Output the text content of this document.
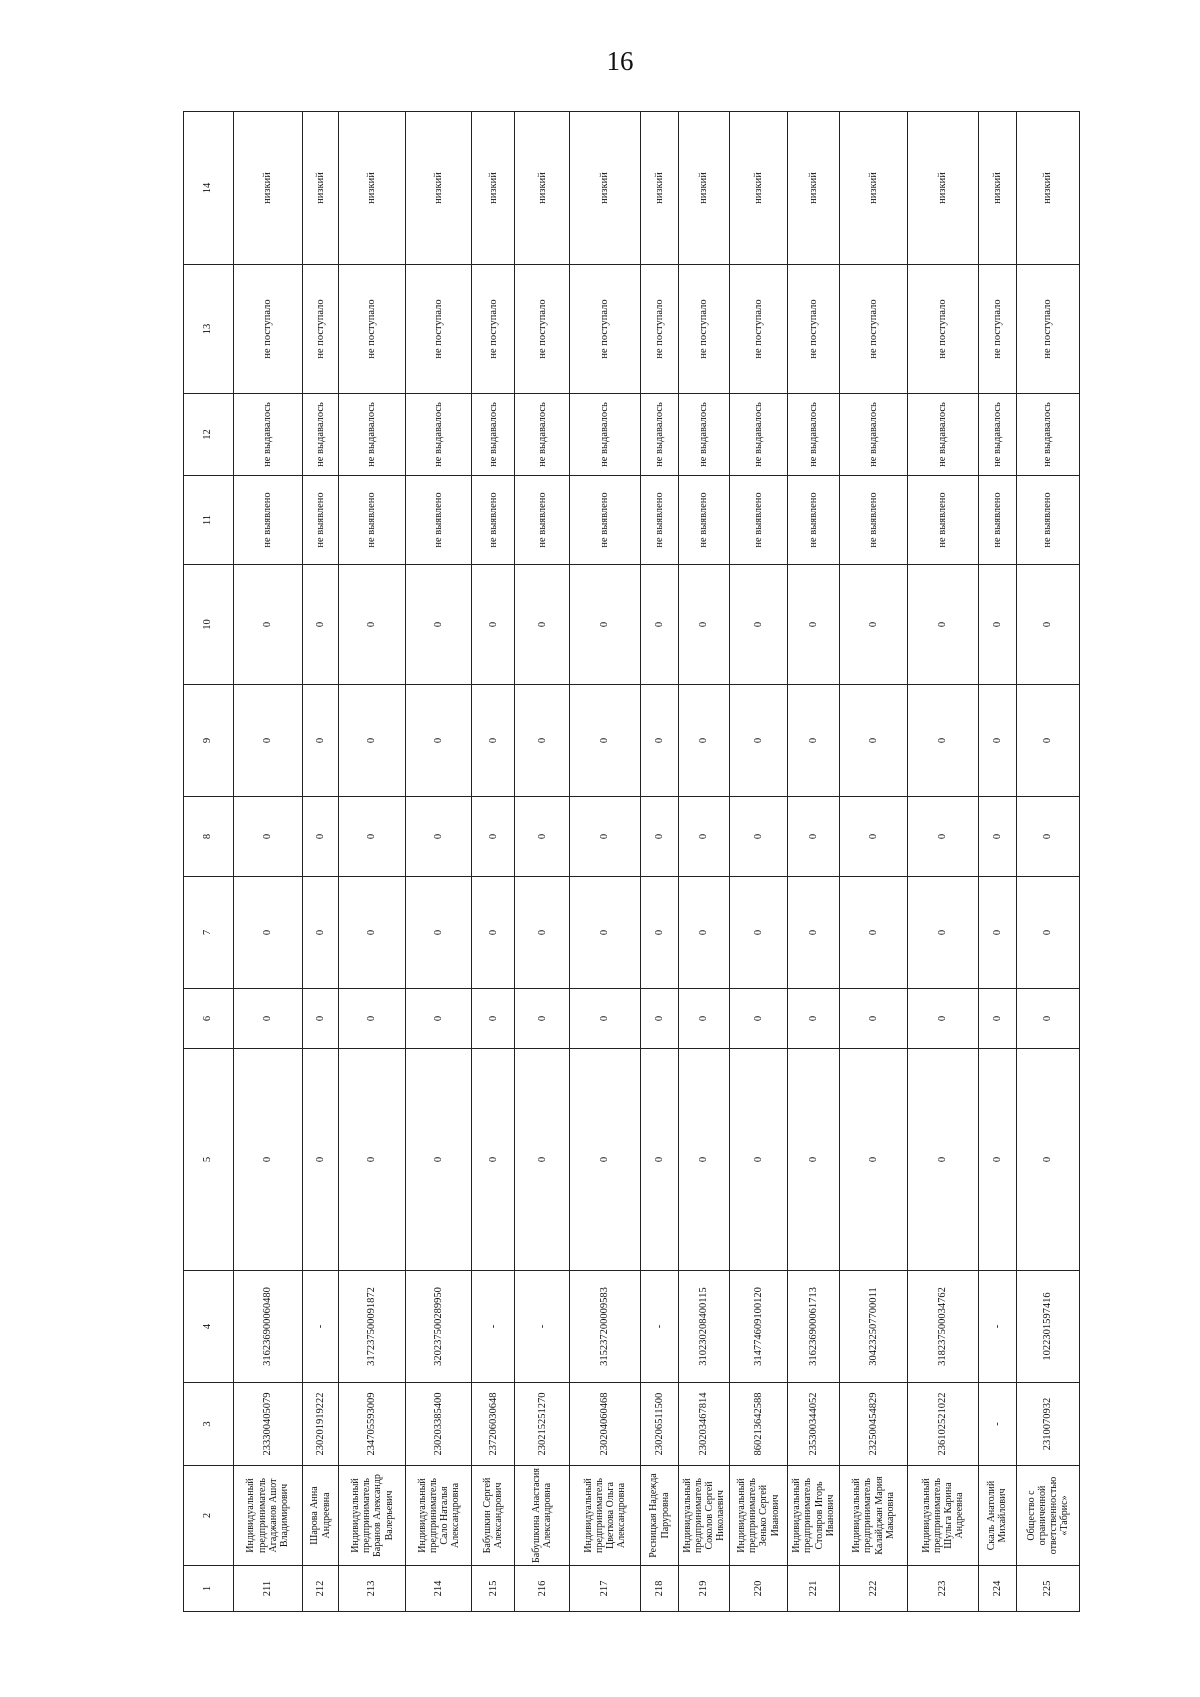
16
1	2	3	4	5	6	7	8	9	10	11	12	13	14
211	Индивидуальный предприниматель Агаджанов Ашот Владимирович	233300405079	316236900060480	0	0	0	0	0	0	не выявлено	не выдавалось	не поступало	низкий
212	Шарова Анна Андреевна	230201919222	-	0	0	0	0	0	0	не выявлено	не выдавалось	не поступало	низкий
213	Индивидуальный предприниматель Баранов Александр Валерьевич	234705593009	317237500091872	0	0	0	0	0	0	не выявлено	не выдавалось	не поступало	низкий
214	Индивидуальный предприниматель Сало Наталья Александровна	230203385400	320237500289950	0	0	0	0	0	0	не выявлено	не выдавалось	не поступало	низкий
215	Бабушкин Сергей Александрович	237206030648	-	0	0	0	0	0	0	не выявлено	не выдавалось	не поступало	низкий
216	Бабушкина Анастасия Александровна	230215251270	-	0	0	0	0	0	0	не выявлено	не выдавалось	не поступало	низкий
217	Индивидуальный предприниматель Цветкова Ольга Александровна	230204060468	315237200009583	0	0	0	0	0	0	не выявлено	не выдавалось	не поступало	низкий
218	Ресницкая Надежда Паруровна	230206511500	-	0	0	0	0	0	0	не выявлено	не выдавалось	не поступало	низкий
219	Индивидуальный предприниматель Соколов Сергей Николаевич	230203467814	310230208400115	0	0	0	0	0	0	не выявлено	не выдавалось	не поступало	низкий
220	Индивидуальный предприниматель Зенько Сергей Иванович	860213642588	314774609100120	0	0	0	0	0	0	не выявлено	не выдавалось	не поступало	низкий
221	Индивидуальный предприниматель Столяров Игорь Иванович	235300344052	316236900061713	0	0	0	0	0	0	не выявлено	не выдавалось	не поступало	низкий
222	Индивидуальный предприниматель Калайджан Мария Макаровна	232500454829	304232507700011	0	0	0	0	0	0	не выявлено	не выдавалось	не поступало	низкий
223	Индивидуальный предприниматель Шульга Карина Андреевна	236102521022	318237500034762	0	0	0	0	0	0	не выявлено	не выдавалось	не поступало	низкий
224	Скаль Анатолий Михайлович	-	-	0	0	0	0	0	0	не выявлено	не выдавалось	не поступало	низкий
225	Общество с ограниченной ответственностью «Табрис»	2310070932	1022301597416	0	0	0	0	0	0	не выявлено	не выдавалось	не поступало	низкий
